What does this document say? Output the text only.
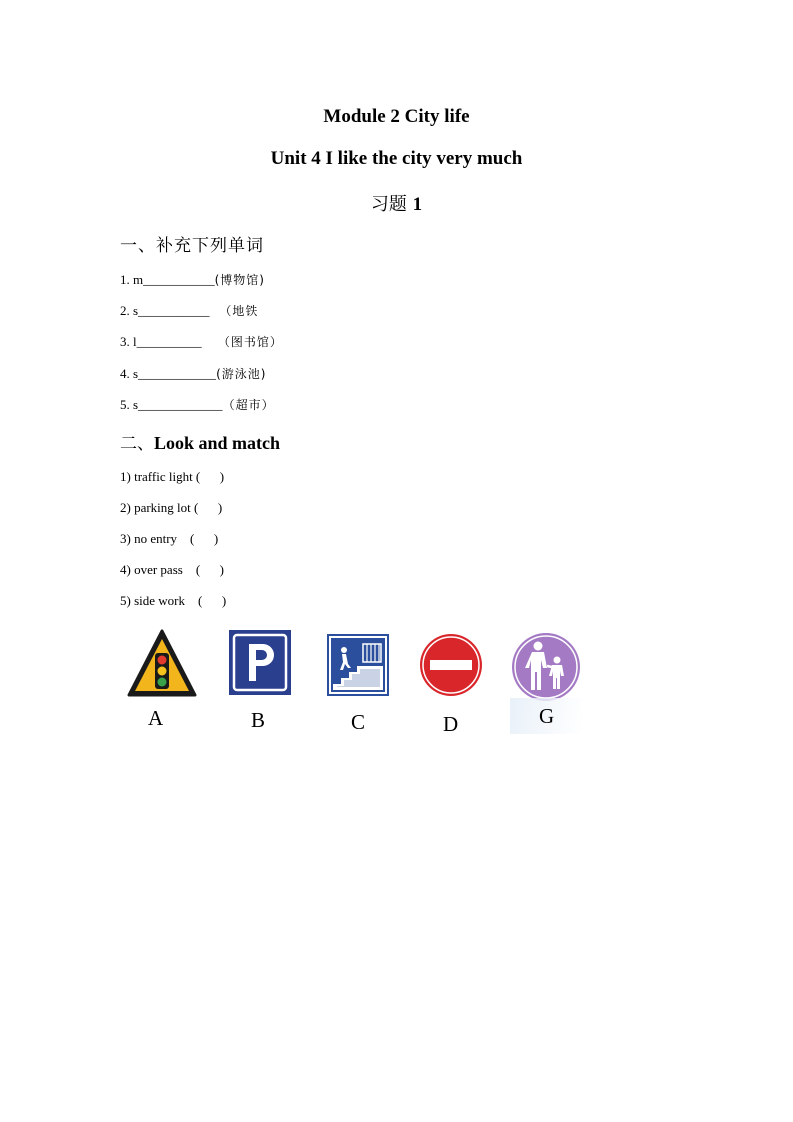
Module 2 City life
Unit 4 I like the city very much
习题 1
一、补充下列单词
1. m___________(博物馆)
2. s___________   （地铁
3. l__________     （图书馆）
4. s____________(游泳池)
5. s_____________（超市）
二、Look and match
1) traffic light (      )
2) parking lot (      )
3) no entry    (      )
4) over pass    (      )
5) side work    (      )
A	B	C	D	G
